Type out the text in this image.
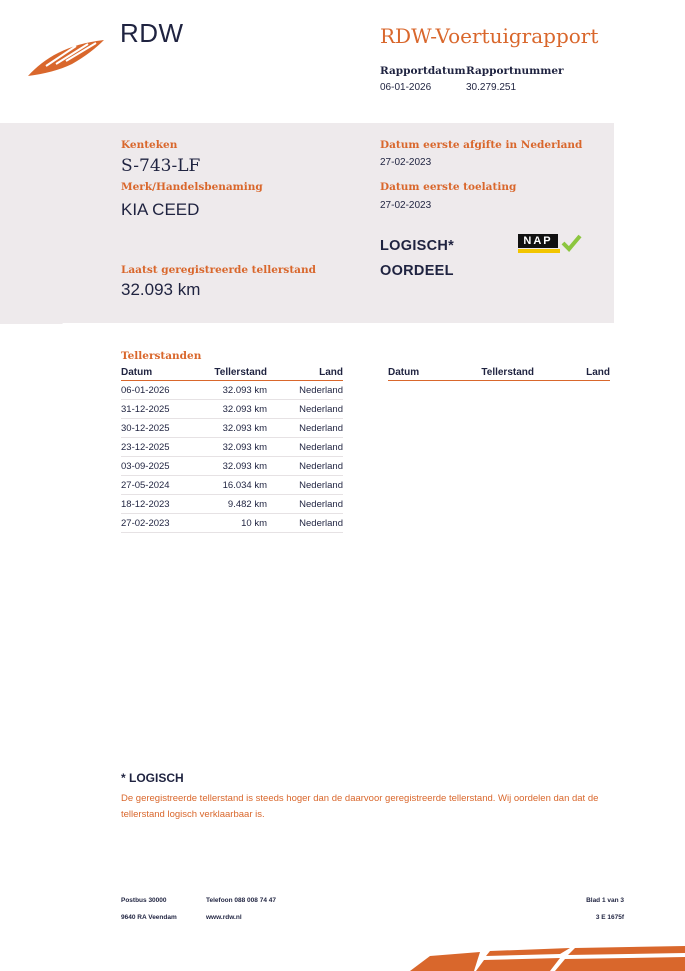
RDW	RDW-Voertuigrapport
Rapportdatum
06-01-2026
Rapportnummer
30.279.251
Kenteken
S-743-LF
Merk/Handelsbenaming
KIA CEED
Laatst geregistreerde tellerstand
32.093 km
Datum eerste afgifte in Nederland
27-02-2023
Datum eerste toelating
27-02-2023
LOGISCH*
OORDEEL
NAP
Tellerstanden
Datum	Tellerstand	Land
06-01-2026	32.093 km	Nederland
31-12-2025	32.093 km	Nederland
30-12-2025	32.093 km	Nederland
23-12-2025	32.093 km	Nederland
03-09-2025	32.093 km	Nederland
27-05-2024	16.034 km	Nederland
18-12-2023	9.482 km	Nederland
27-02-2023	10 km	Nederland
Datum	Tellerstand	Land
* LOGISCH
De geregistreerde tellerstand is steeds hoger dan de daarvoor geregistreerde tellerstand. Wij oordelen dan dat de tellerstand logisch verklaarbaar is.
Postbus 30000
9640 RA Veendam
Telefoon 088 008 74 47
www.rdw.nl
Blad 1 van 3
3 E 1675f
